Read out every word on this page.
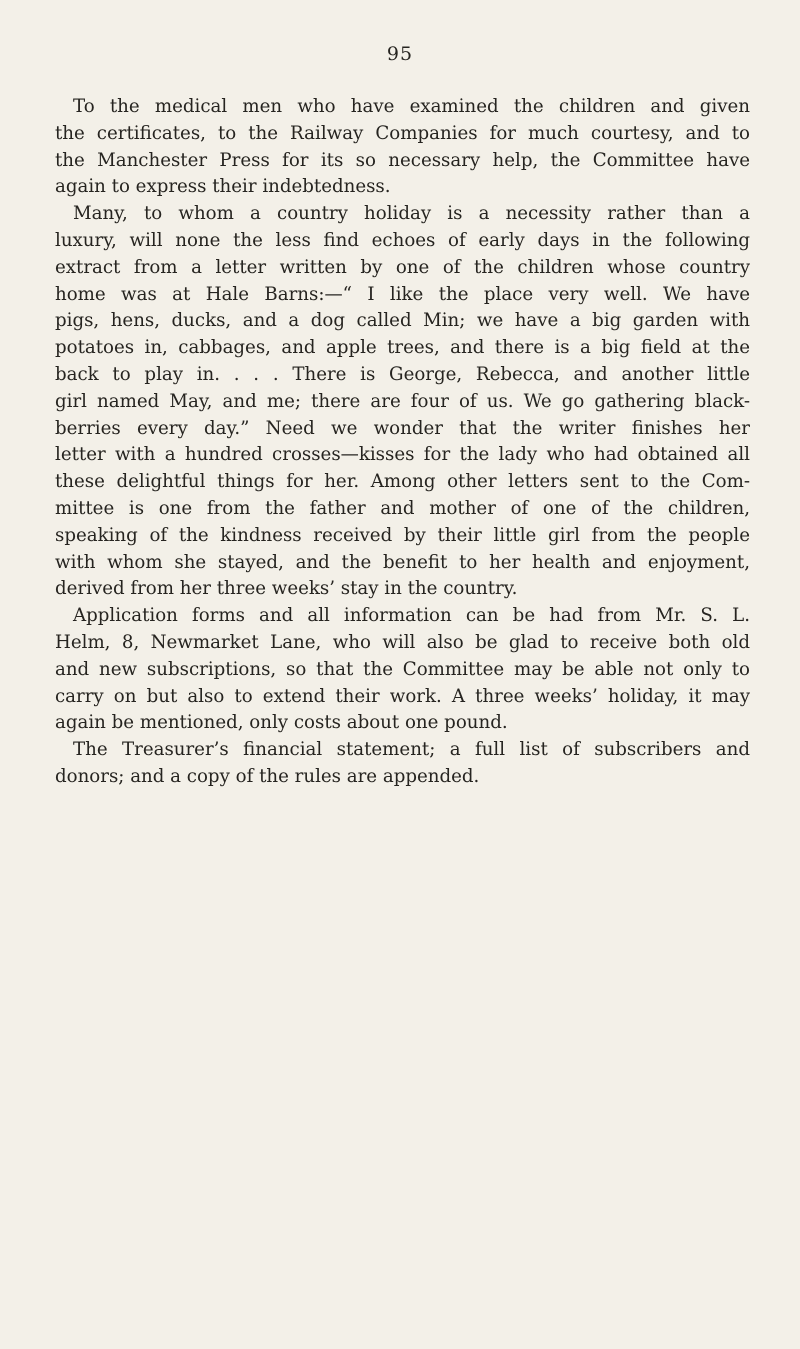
95
To the medical men who have examined the children and given
the certificates, to the Railway Companies for much courtesy, and to
the Manchester Press for its so necessary help, the Committee have
again to express their indebtedness.
Many, to whom a country holiday is a necessity rather than a
luxury, will none the less find echoes of early days in the following
extract from a letter written by one of the children whose country
home was at Hale Barns:—“ I like the place very well. We have
pigs, hens, ducks, and a dog called Min; we have a big garden with
potatoes in, cabbages, and apple trees, and there is a big field at the
back to play in. . . . There is George, Rebecca, and another little
girl named May, and me; there are four of us. We go gathering black-
berries every day.” Need we wonder that the writer finishes her
letter with a hundred crosses—kisses for the lady who had obtained all
these delightful things for her. Among other letters sent to the Com-
mittee is one from the father and mother of one of the children,
speaking of the kindness received by their little girl from the people
with whom she stayed, and the benefit to her health and enjoyment,
derived from her three weeks’ stay in the country.
Application forms and all information can be had from Mr. S. L.
Helm, 8, Newmarket Lane, who will also be glad to receive both old
and new subscriptions, so that the Committee may be able not only to
carry on but also to extend their work. A three weeks’ holiday, it may
again be mentioned, only costs about one pound.
The Treasurer’s financial statement; a full list of subscribers and
donors; and a copy of the rules are appended.
